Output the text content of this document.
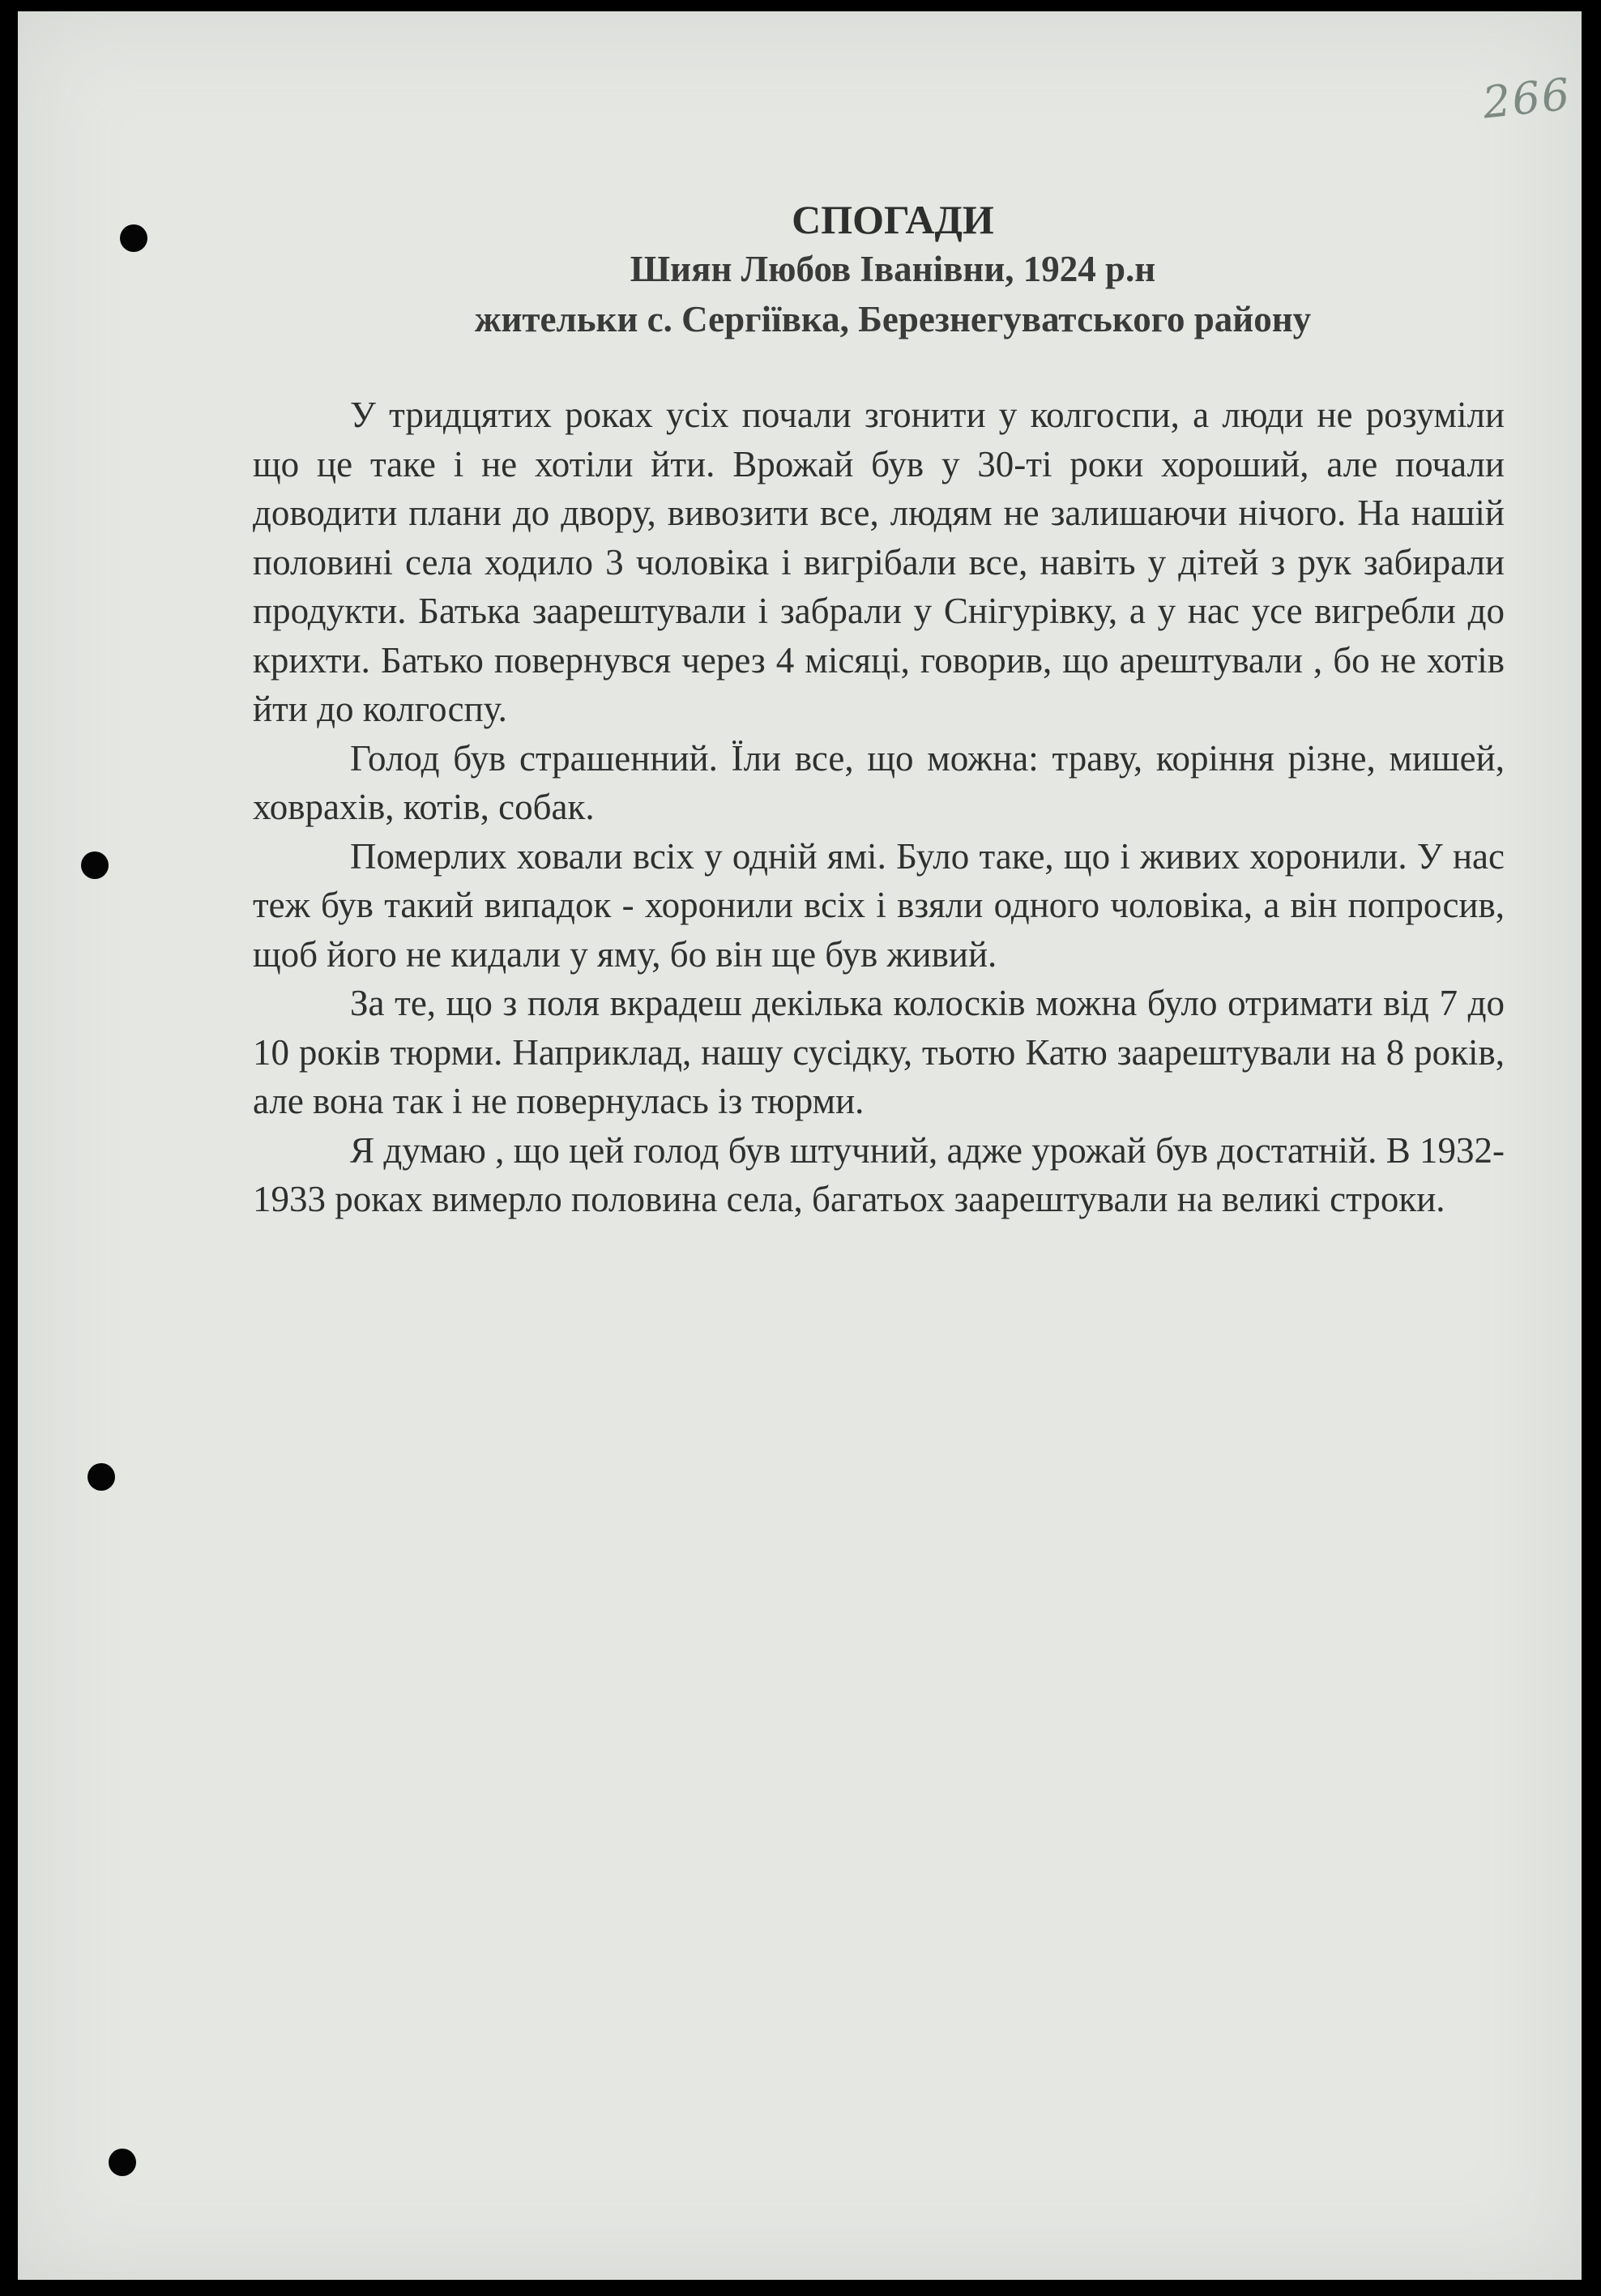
266
СПОГАДИ
Шиян Любов Іванівни, 1924 р.н
жительки с. Сергіївка, Березнегуватського району

У тридцятих роках усіх почали згонити у колгоспи, а люди не розуміли що це таке і не хотіли йти. Врожай був у 30-ті роки хороший, але почали доводити плани до двору, вивозити все, людям не залишаючи нічого. На нашій половині села ходило 3 чоловіка і вигрібали все, навіть у дітей з рук забирали продукти. Батька заарештували і забрали у Снігурівку, а у нас усе вигребли до крихти. Батько повернувся через 4 місяці, говорив, що арештували , бо не хотів йти до колгоспу.

Голод був страшенний. Їли все, що можна: траву, коріння різне, мишей, ховрахів, котів, собак.

Померлих ховали всіх у одній ямі. Було таке, що і живих хоронили. У нас теж був такий випадок - хоронили всіх і взяли одного чоловіка, а він попросив, щоб його не кидали у яму, бо він ще був живий.

За те, що з поля вкрадеш декілька колосків можна було отримати від 7 до 10 років тюрми. Наприклад, нашу сусідку, тьотю Катю заарештували на 8 років, але вона так і не повернулась із тюрми.

Я думаю , що цей голод був штучний, адже урожай був достатній. В 1932-1933 роках вимерло половина села, багатьох заарештували на великі строки.
